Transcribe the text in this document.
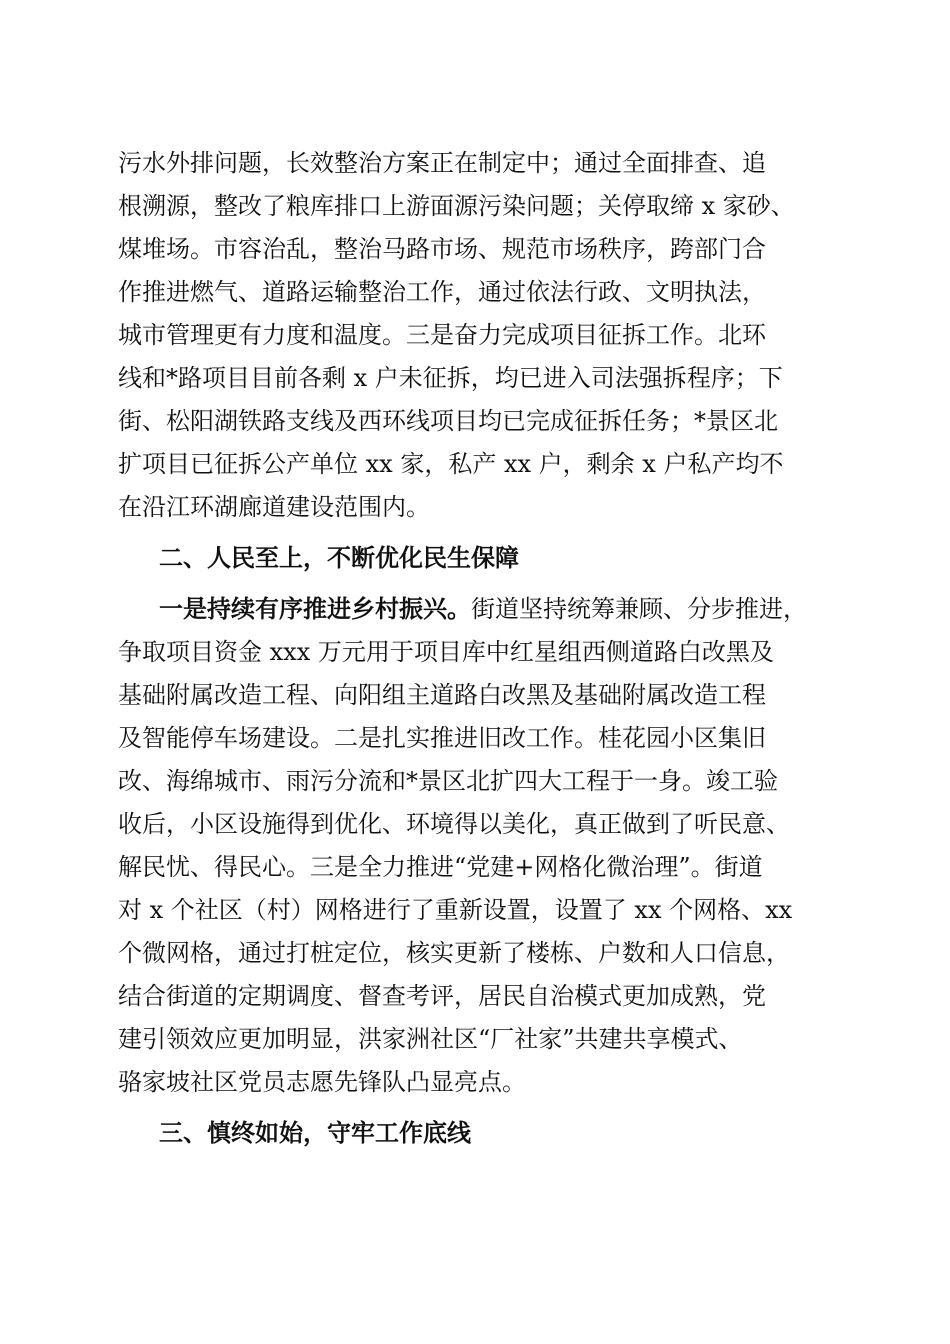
污水外排问题，长效整治方案正在制定中；通过全面排查、追
根溯源，整改了粮库排口上游面源污染问题；关停取缔 x 家砂、
煤堆场。市容治乱，整治马路市场、规范市场秩序，跨部门合
作推进燃气、道路运输整治工作，通过依法行政、文明执法，
城市管理更有力度和温度。三是奋力完成项目征拆工作。北环
线和*路项目目前各剩 x 户未征拆，均已进入司法强拆程序；下
街、松阳湖铁路支线及西环线项目均已完成征拆任务；*景区北
扩项目已征拆公产单位 xx 家，私产 xx 户，剩余 x 户私产均不
在沿江环湖廊道建设范围内。
二、人民至上，不断优化民生保障
一是持续有序推进乡村振兴。街道坚持统筹兼顾、分步推进，
争取项目资金 xxx 万元用于项目库中红星组西侧道路白改黑及
基础附属改造工程、向阳组主道路白改黑及基础附属改造工程
及智能停车场建设。二是扎实推进旧改工作。桂花园小区集旧
改、海绵城市、雨污分流和*景区北扩四大工程于一身。竣工验
收后，小区设施得到优化、环境得以美化，真正做到了听民意、
解民忧、得民心。三是全力推进“党建+网格化微治理”。街道
对 x 个社区（村）网格进行了重新设置，设置了 xx 个网格、xx
个微网格，通过打桩定位，核实更新了楼栋、户数和人口信息，
结合街道的定期调度、督查考评，居民自治模式更加成熟，党
建引领效应更加明显，洪家洲社区“厂社家”共建共享模式、
骆家坡社区党员志愿先锋队凸显亮点。
三、慎终如始，守牢工作底线
